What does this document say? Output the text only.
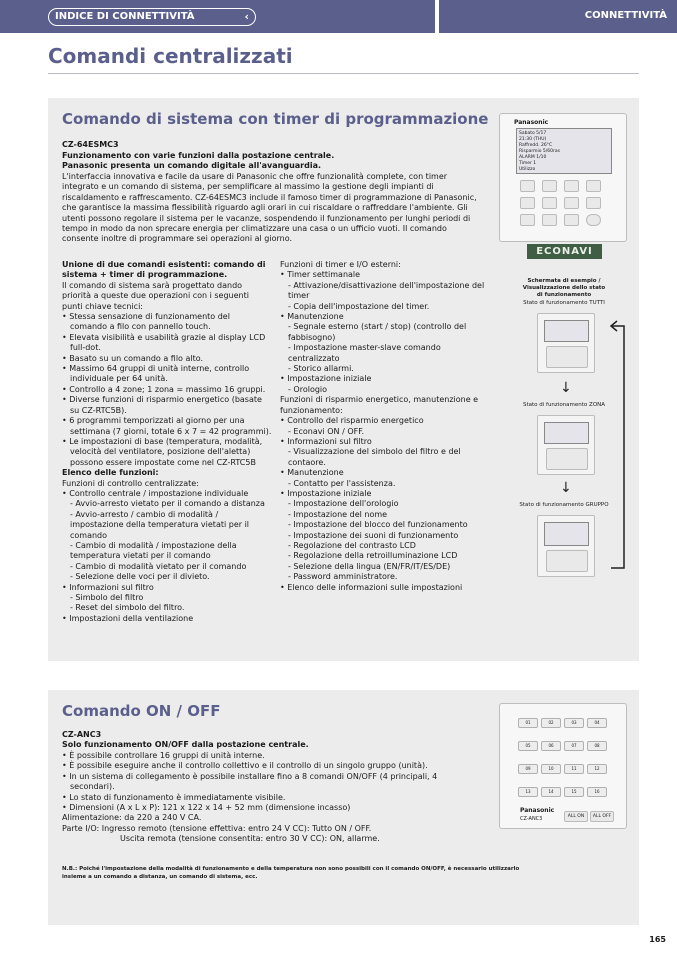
INDICE DI CONNETTIVITÀ	‹	CONNETTIVITÀ
Comandi centralizzati
Comando di sistema con timer di programmazione
CZ-64ESMC3
Funzionamento con varie funzioni dalla postazione centrale.
Panasonic presenta un comando digitale all'avanguardia.
L'interfaccia innovativa e facile da usare di Panasonic che offre funzionalità complete, con timer
integrato e un comando di sistema, per semplificare al massimo la gestione degli impianti di
riscaldamento e raffrescamento. CZ-64ESMC3 include il famoso timer di programmazione di Panasonic,
che garantisce la massima flessibilità riguardo agli orari in cui riscaldare o raffreddare l'ambiente. Gli
utenti possono regolare il sistema per le vacanze, sospendendo il funzionamento per lunghi periodi di
tempo in modo da non sprecare energia per climatizzare una casa o un ufficio vuoti. Il comando
consente inoltre di programmare sei operazioni al giorno.
Unione di due comandi esistenti: comando di
sistema + timer di programmazione.
Il comando di sistema sarà progettato dando
priorità a queste due operazioni con i seguenti
punti chiave tecnici:
• Stessa sensazione di funzionamento del
comando a filo con pannello touch.
• Elevata visibilità e usabilità grazie al display LCD
full-dot.
• Basato su un comando a filo alto.
• Massimo 64 gruppi di unità interne, controllo
individuale per 64 unità.
• Controllo a 4 zone; 1 zona = massimo 16 gruppi.
• Diverse funzioni di risparmio energetico (basate
su CZ-RTC5B).
• 6 programmi temporizzati al giorno per una
settimana (7 giorni, totale 6 x 7 = 42 programmi).
• Le impostazioni di base (temperatura, modalità,
velocità del ventilatore, posizione dell'aletta)
possono essere impostate come nel CZ-RTC5B
Elenco delle funzioni:
Funzioni di controllo centralizzate:
• Controllo centrale / impostazione individuale
- Avvio-arresto vietato per il comando a distanza
- Avvio-arresto / cambio di modalità /
impostazione della temperatura vietati per il
comando
- Cambio di modalità / impostazione della
temperatura vietati per il comando
- Cambio di modalità vietato per il comando
- Selezione delle voci per il divieto.
• Informazioni sul filtro
- Simbolo del filtro
- Reset del simbolo del filtro.
• Impostazioni della ventilazione
Funzioni di timer e I/O esterni:
• Timer settimanale
- Attivazione/disattivazione dell'impostazione del
timer
- Copia dell'impostazione del timer.
• Manutenzione
- Segnale esterno (start / stop) (controllo del
fabbisogno)
- Impostazione master-slave comando
centralizzato
- Storico allarmi.
• Impostazione iniziale
- Orologio
Funzioni di risparmio energetico, manutenzione e
funzionamento:
• Controllo del risparmio energetico
- Econavi ON / OFF.
• Informazioni sul filtro
- Visualizzazione del simbolo del filtro e del
contaore.
• Manutenzione
- Contatto per l'assistenza.
• Impostazione iniziale
- Impostazione dell'orologio
- Impostazione del nome
- Impostazione del blocco del funzionamento
- Impostazione dei suoni di funzionamento
- Regolazione del contrasto LCD
- Regolazione della retroilluminazione LCD
- Selezione della lingua (EN/FR/IT/ES/DE)
- Password amministratore.
• Elenco delle informazioni sulle impostazioni
Panasonic
Sabato 5/17
21:30 (THU)
Raffredd. 26°C
Risparmio 5/60ras
ALARM 1/10
Timer 1
Utilizzo
ECONAVI
Schermata di esempio /
Visualizzazione dello stato
di funzionamento
Stato di funzionamento TUTTI
↓
Stato di funzionamento ZONA
↓
Stato di funzionamento GRUPPO
Comando ON / OFF
CZ-ANC3
Solo funzionamento ON/OFF dalla postazione centrale.
• È possibile controllare 16 gruppi di unità interne.
• È possibile eseguire anche il controllo collettivo e il controllo di un singolo gruppo (unità).
• In un sistema di collegamento è possibile installare fino a 8 comandi ON/OFF (4 principali, 4
secondari).
• Lo stato di funzionamento è immediatamente visibile.
• Dimensioni (A x L x P): 121 x 122 x 14 + 52 mm (dimensione incasso)
Alimentazione: da 220 a 240 V CA.
Parte I/O: Ingresso remoto (tensione effettiva: entro 24 V CC): Tutto ON / OFF.
Uscita remota (tensione consentita: entro 30 V CC): ON, allarme.
N.B.: Poiché l'impostazione della modalità di funzionamento e della temperatura non sono possibili con il comando ON/OFF, è necessario utilizzarlo
insieme a un comando a distanza, un comando di sistema, ecc.
01	02	03	04
05	06	07	08
09	10	11	12
13	14	15	16
Panasonic
CZ-ANC3	ALL ON	ALL OFF
165
